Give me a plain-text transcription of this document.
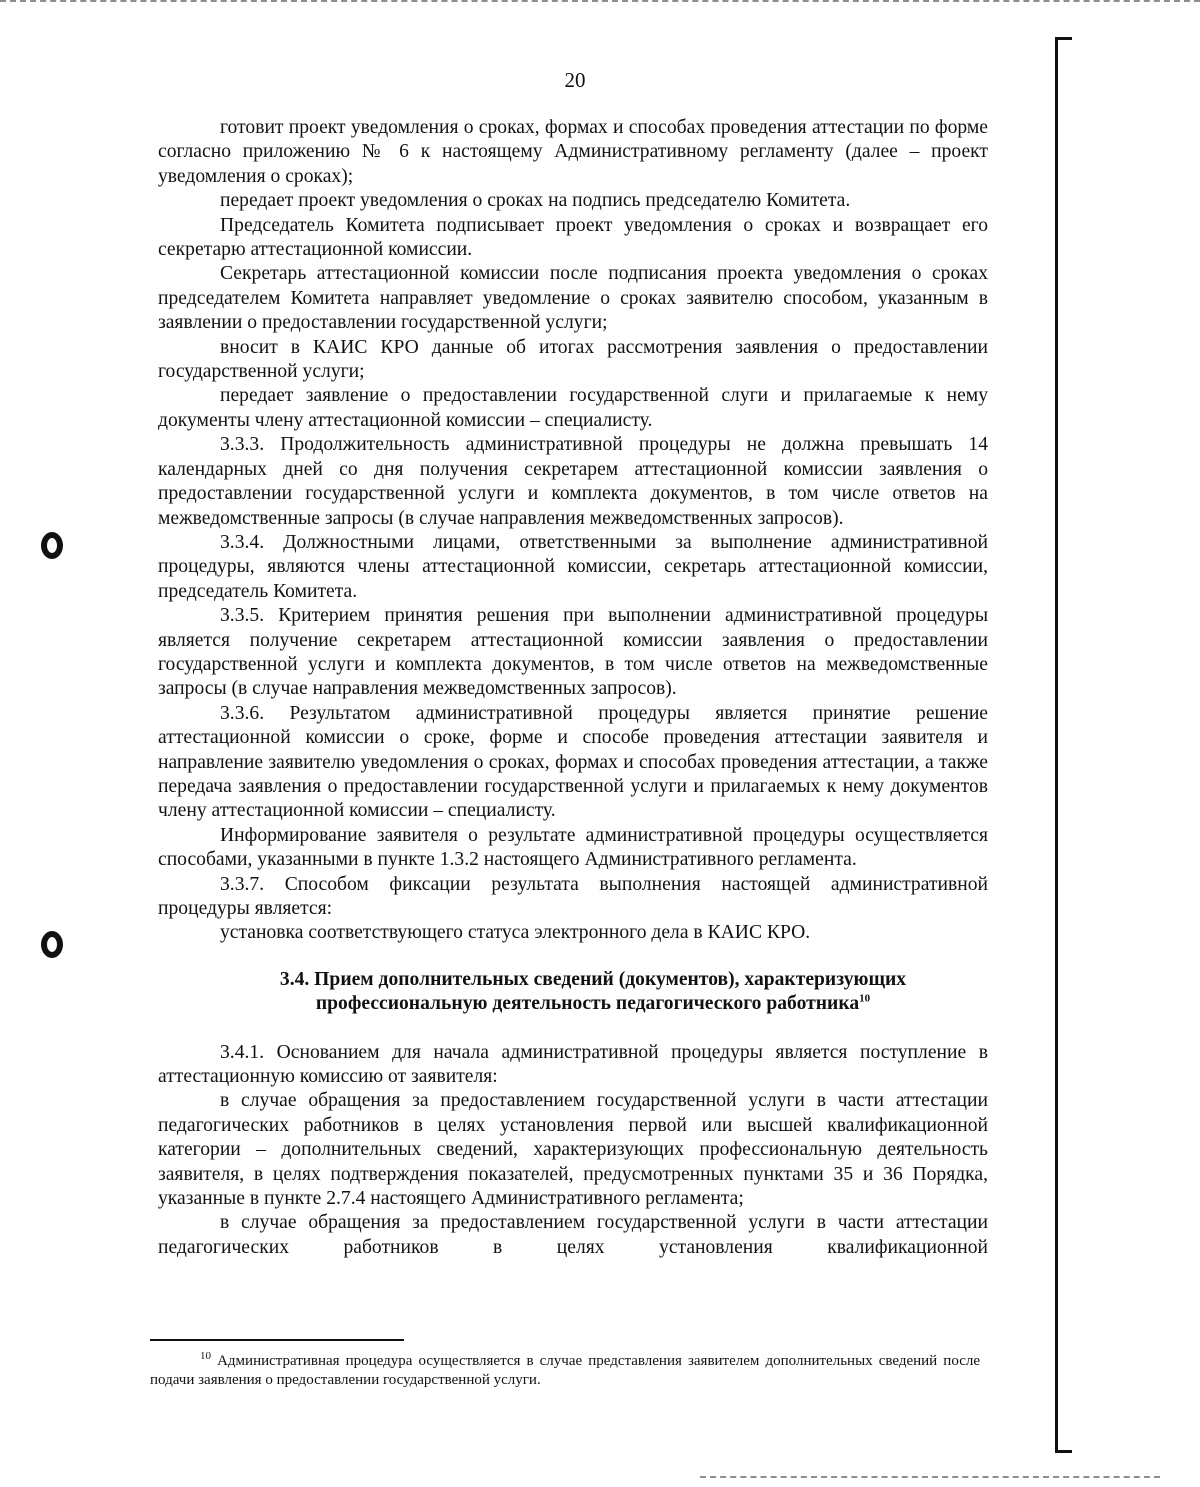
20

готовит проект уведомления о сроках, формах и способах проведения аттестации по форме согласно приложению № 6 к настоящему Административному регламенту (далее – проект уведомления о сроках);

передает проект уведомления о сроках на подпись председателю Комитета.

Председатель Комитета подписывает проект уведомления о сроках и возвращает его секретарю аттестационной комиссии.

Секретарь аттестационной комиссии после подписания проекта уведомления о сроках председателем Комитета направляет уведомление о сроках заявителю способом, указанным в заявлении о предоставлении государственной услуги;

вносит в КАИС КРО данные об итогах рассмотрения заявления о предоставлении государственной услуги;

передает заявление о предоставлении государственной слуги и прилагаемые к нему документы члену аттестационной комиссии – специалисту.

3.3.3. Продолжительность административной процедуры не должна превышать 14 календарных дней со дня получения секретарем аттестационной комиссии заявления о предоставлении государственной услуги и комплекта документов, в том числе ответов на межведомственные запросы (в случае направления межведомственных запросов).

3.3.4. Должностными лицами, ответственными за выполнение административной процедуры, являются члены аттестационной комиссии, секретарь аттестационной комиссии, председатель Комитета.

3.3.5. Критерием принятия решения при выполнении административной процедуры является получение секретарем аттестационной комиссии заявления о предоставлении государственной услуги и комплекта документов, в том числе ответов на межведомственные запросы (в случае направления межведомственных запросов).

3.3.6. Результатом административной процедуры является принятие решение аттестационной комиссии о сроке, форме и способе проведения аттестации заявителя и направление заявителю уведомления о сроках, формах и способах проведения аттестации, а также передача заявления о предоставлении государственной услуги и прилагаемых к нему документов члену аттестационной комиссии – специалисту.

Информирование заявителя о результате административной процедуры осуществляется способами, указанными в пункте 1.3.2 настоящего Административного регламента.

3.3.7. Способом фиксации результата выполнения настоящей административной процедуры является:

установка соответствующего статуса электронного дела в КАИС КРО.

3.4. Прием дополнительных сведений (документов), характеризующих
профессиональную деятельность педагогического работника$^{10}$

3.4.1. Основанием для начала административной процедуры является поступление в аттестационную комиссию от заявителя:

в случае обращения за предоставлением государственной услуги в части аттестации педагогических работников в целях установления первой или высшей квалификационной категории – дополнительных сведений, характеризующих профессиональную деятельность заявителя, в целях подтверждения показателей, предусмотренных пунктами 35 и 36 Порядка, указанные в пункте 2.7.4 настоящего Административного регламента;

в случае обращения за предоставлением государственной услуги в части аттестации педагогических работников в целях установления квалификационной

$^{10}$ Административная процедура осуществляется в случае представления заявителем дополнительных сведений после подачи заявления о предоставлении государственной услуги.
